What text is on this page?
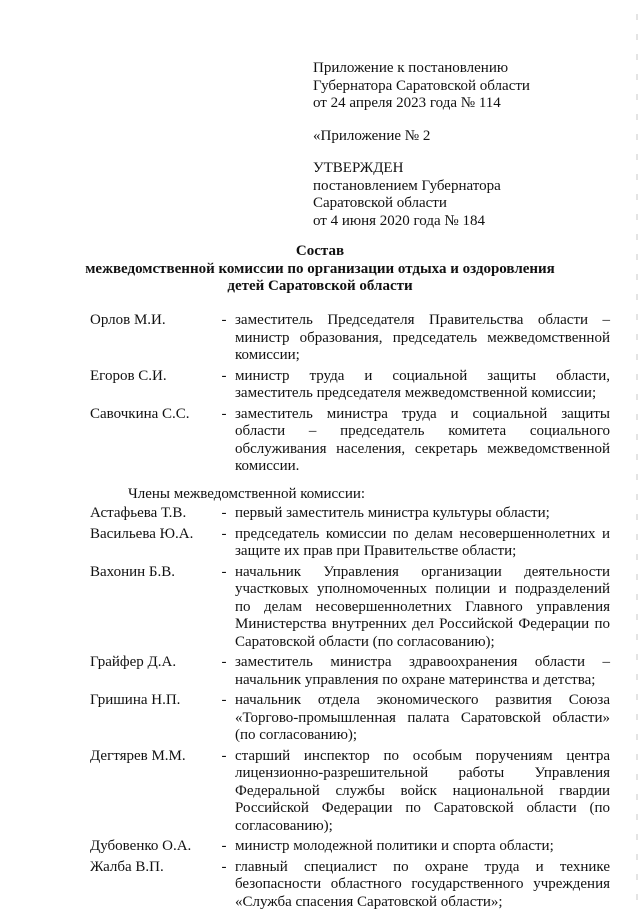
Приложение к постановлению
Губернатора Саратовской области
от 24 апреля 2023 года № 114
«Приложение № 2
УТВЕРЖДЕН
постановлением Губернатора
Саратовской области
от 4 июня 2020 года № 184
Состав
межведомственной комиссии по организации отдыха и оздоровления
детей Саратовской области
Орлов М.И.	- заместитель Председателя Правительства области – министр образования, председатель межведомственной комиссии;
Егоров С.И.	- министр труда и социальной защиты области, заместитель председателя межведомственной комиссии;
Савочкина С.С.	- заместитель министра труда и социальной защиты области – председатель комитета социального обслуживания населения, секретарь межведомственной комиссии.
Члены межведомственной комиссии:
Астафьева Т.В.	- первый заместитель министра культуры области;
Васильева Ю.А.	- председатель комиссии по делам несовершеннолетних и защите их прав при Правительстве области;
Вахонин Б.В.	- начальник Управления организации деятельности участковых уполномоченных полиции и подразделений по делам несовершеннолетних Главного управления Министерства внутренних дел Российской Федерации по Саратовской области (по согласованию);
Грайфер Д.А.	- заместитель министра здравоохранения области – начальник управления по охране материнства и детства;
Гришина Н.П.	- начальник отдела экономического развития Союза «Торгово-промышленная палата Саратовской области» (по согласованию);
Дегтярев М.М.	- старший инспектор по особым поручениям центра лицензионно-разрешительной работы Управления Федеральной службы войск национальной гвардии Российской Федерации по Саратовской области (по согласованию);
Дубовенко О.А.	- министр молодежной политики и спорта области;
Жалба В.П.	- главный специалист по охране труда и технике безопасности областного государственного учреждения «Служба спасения Саратовской области»;
